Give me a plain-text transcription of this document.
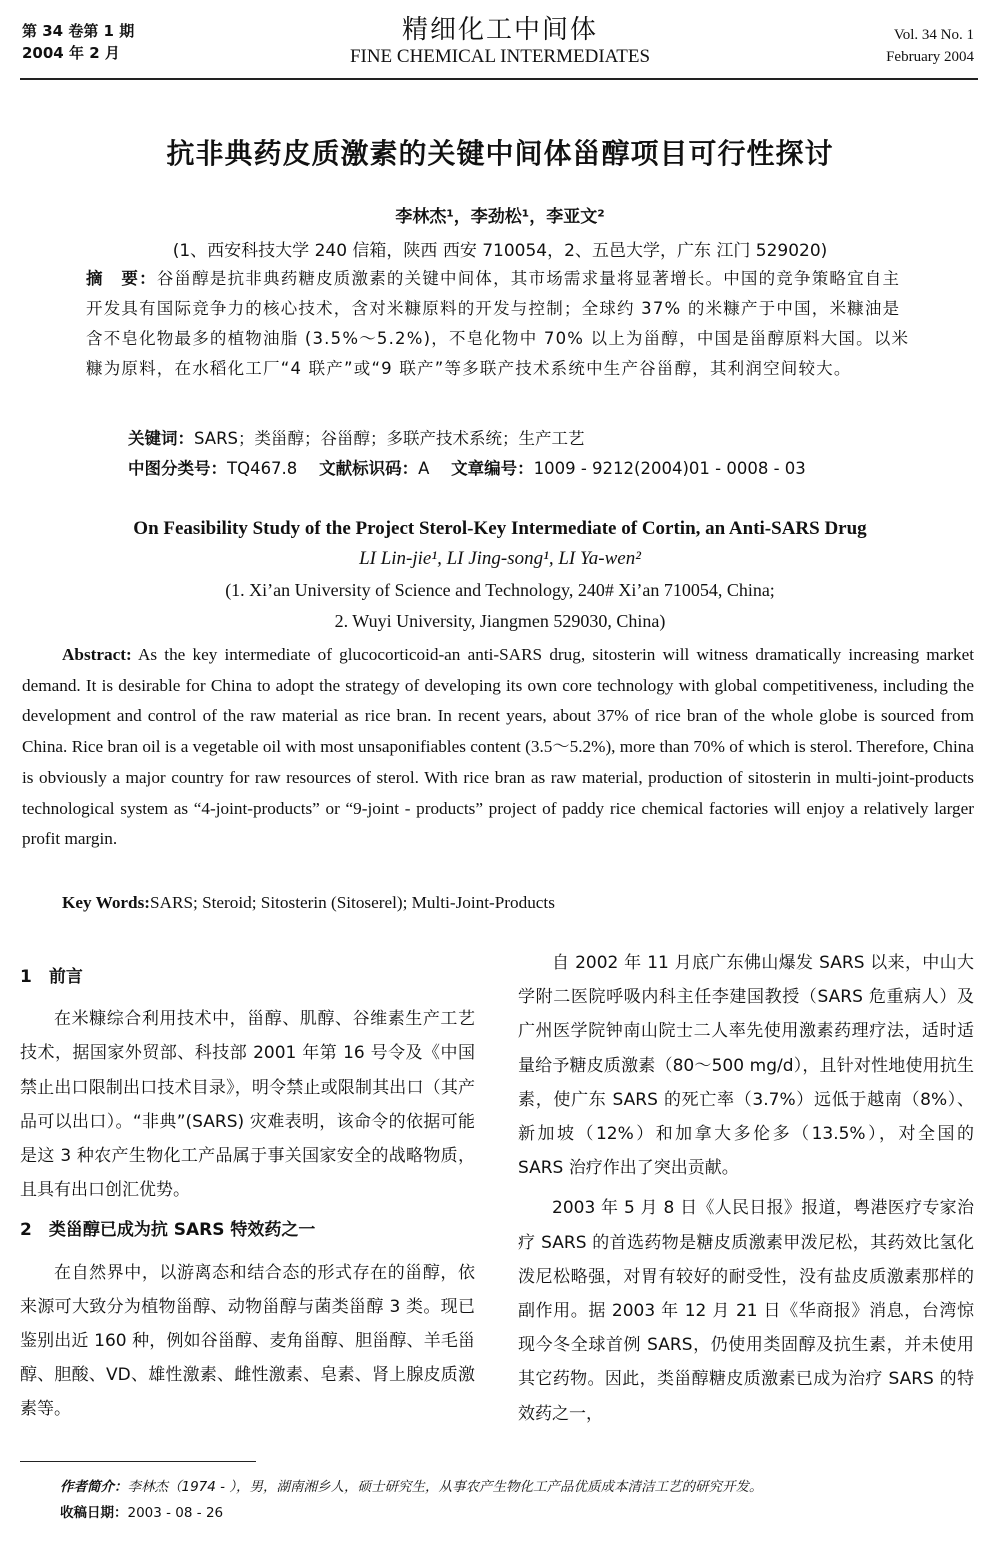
第 34 卷第 1 期
2004 年 2 月
精细化工中间体
FINE CHEMICAL INTERMEDIATES
Vol. 34 No. 1
February 2004
抗非典药皮质激素的关键中间体甾醇项目可行性探讨
李林杰¹，李劲松¹，李亚文²
(1、西安科技大学 240 信箱，陕西 西安 710054，2、五邑大学，广东 江门 529020)
摘　要：谷甾醇是抗非典药糖皮质激素的关键中间体，其市场需求量将显著增长。中国的竞争策略宜自主开发具有国际竞争力的核心技术，含对米糠原料的开发与控制；全球约 37% 的米糠产于中国，米糠油是含不皂化物最多的植物油脂 (3.5%～5.2%)，不皂化物中 70% 以上为甾醇，中国是甾醇原料大国。以米糠为原料，在水稻化工厂“4 联产”或“9 联产”等多联产技术系统中生产谷甾醇，其利润空间较大。
关键词：SARS；类甾醇；谷甾醇；多联产技术系统；生产工艺
中图分类号：TQ467.8　 文献标识码：A　 文章编号：1009 - 9212(2004)01 - 0008 - 03
On Feasibility Study of the Project Sterol-Key Intermediate of Cortin, an Anti-SARS Drug
LI Lin-jie¹, LI Jing-song¹, LI Ya-wen²
(1. Xi’an University of Science and Technology, 240# Xi’an 710054, China;
2. Wuyi University, Jiangmen 529030, China)
Abstract: As the key intermediate of glucocorticoid-an anti-SARS drug, sitosterin will witness dramatically increasing market demand. It is desirable for China to adopt the strategy of developing its own core technology with global competitiveness, including the development and control of the raw material as rice bran. In recent years, about 37% of rice bran of the whole globe is sourced from China. Rice bran oil is a vegetable oil with most unsaponifiables content (3.5～5.2%), more than 70% of which is sterol. Therefore, China is obviously a major country for raw resources of sterol. With rice bran as raw material, production of sitosterin in multi-joint-products technological system as “4-joint-products” or “9-joint - products” project of paddy rice chemical factories will enjoy a relatively larger profit margin.
Key Words:SARS; Steroid; Sitosterin (Sitoserel); Multi-Joint-Products

1　前言

在米糠综合利用技术中，甾醇、肌醇、谷维素生产工艺技术，据国家外贸部、科技部 2001 年第 16 号令及《中国禁止出口限制出口技术目录》，明令禁止或限制其出口（其产品可以出口）。“非典”(SARS) 灾难表明，该命令的依据可能是这 3 种农产生物化工产品属于事关国家安全的战略物质，且具有出口创汇优势。

2　类甾醇已成为抗 SARS 特效药之一

在自然界中，以游离态和结合态的形式存在的甾醇，依来源可大致分为植物甾醇、动物甾醇与菌类甾醇 3 类。现已鉴别出近 160 种，例如谷甾醇、麦角甾醇、胆甾醇、羊毛甾醇、胆酸、VD、雄性激素、雌性激素、皂素、肾上腺皮质激素等。

自 2002 年 11 月底广东佛山爆发 SARS 以来，中山大学附二医院呼吸内科主任李建国教授（SARS 危重病人）及广州医学院钟南山院士二人率先使用激素药理疗法，适时适量给予糖皮质激素（80～500 mg/d），且针对性地使用抗生素，使广东 SARS 的死亡率（3.7%）远低于越南（8%）、新加坡（12%）和加拿大多伦多（13.5%），对全国的 SARS 治疗作出了突出贡献。

2003 年 5 月 8 日《人民日报》报道，粤港医疗专家治疗 SARS 的首选药物是糖皮质激素甲泼尼松，其药效比氢化泼尼松略强，对胃有较好的耐受性，没有盐皮质激素那样的副作用。据 2003 年 12 月 21 日《华商报》消息，台湾惊现今冬全球首例 SARS，仍使用类固醇及抗生素，并未使用其它药物。因此，类甾醇糖皮质激素已成为治疗 SARS 的特效药之一，

作者简介：李林杰（1974 - ），男，湖南湘乡人，硕士研究生，从事农产生物化工产品优质成本清洁工艺的研究开发。
收稿日期：2003 - 08 - 26
